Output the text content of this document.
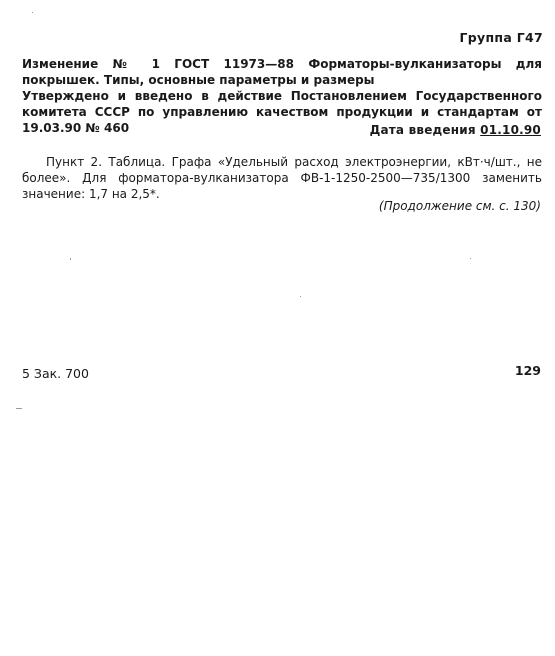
Группа Г47
Изменение № 1 ГОСТ 11973—88 Форматоры-вулканизаторы для покрышек. Типы, основные параметры и размеры
Утверждено и введено в действие Постановлением Государственного комитета СССР по управлению качеством продукции и стандартам от 19.03.90 № 460	Дата введения 01.10.90
Пункт 2. Таблица. Графа «Удельный расход электроэнергии, кВт·ч/шт., не более». Для форматора-вулканизатора ФВ-1-1250-2500—735/1300 заменить значение: 1,7 на 2,5*.
(Продолжение см. с. 130)
5 Зак. 700	129
